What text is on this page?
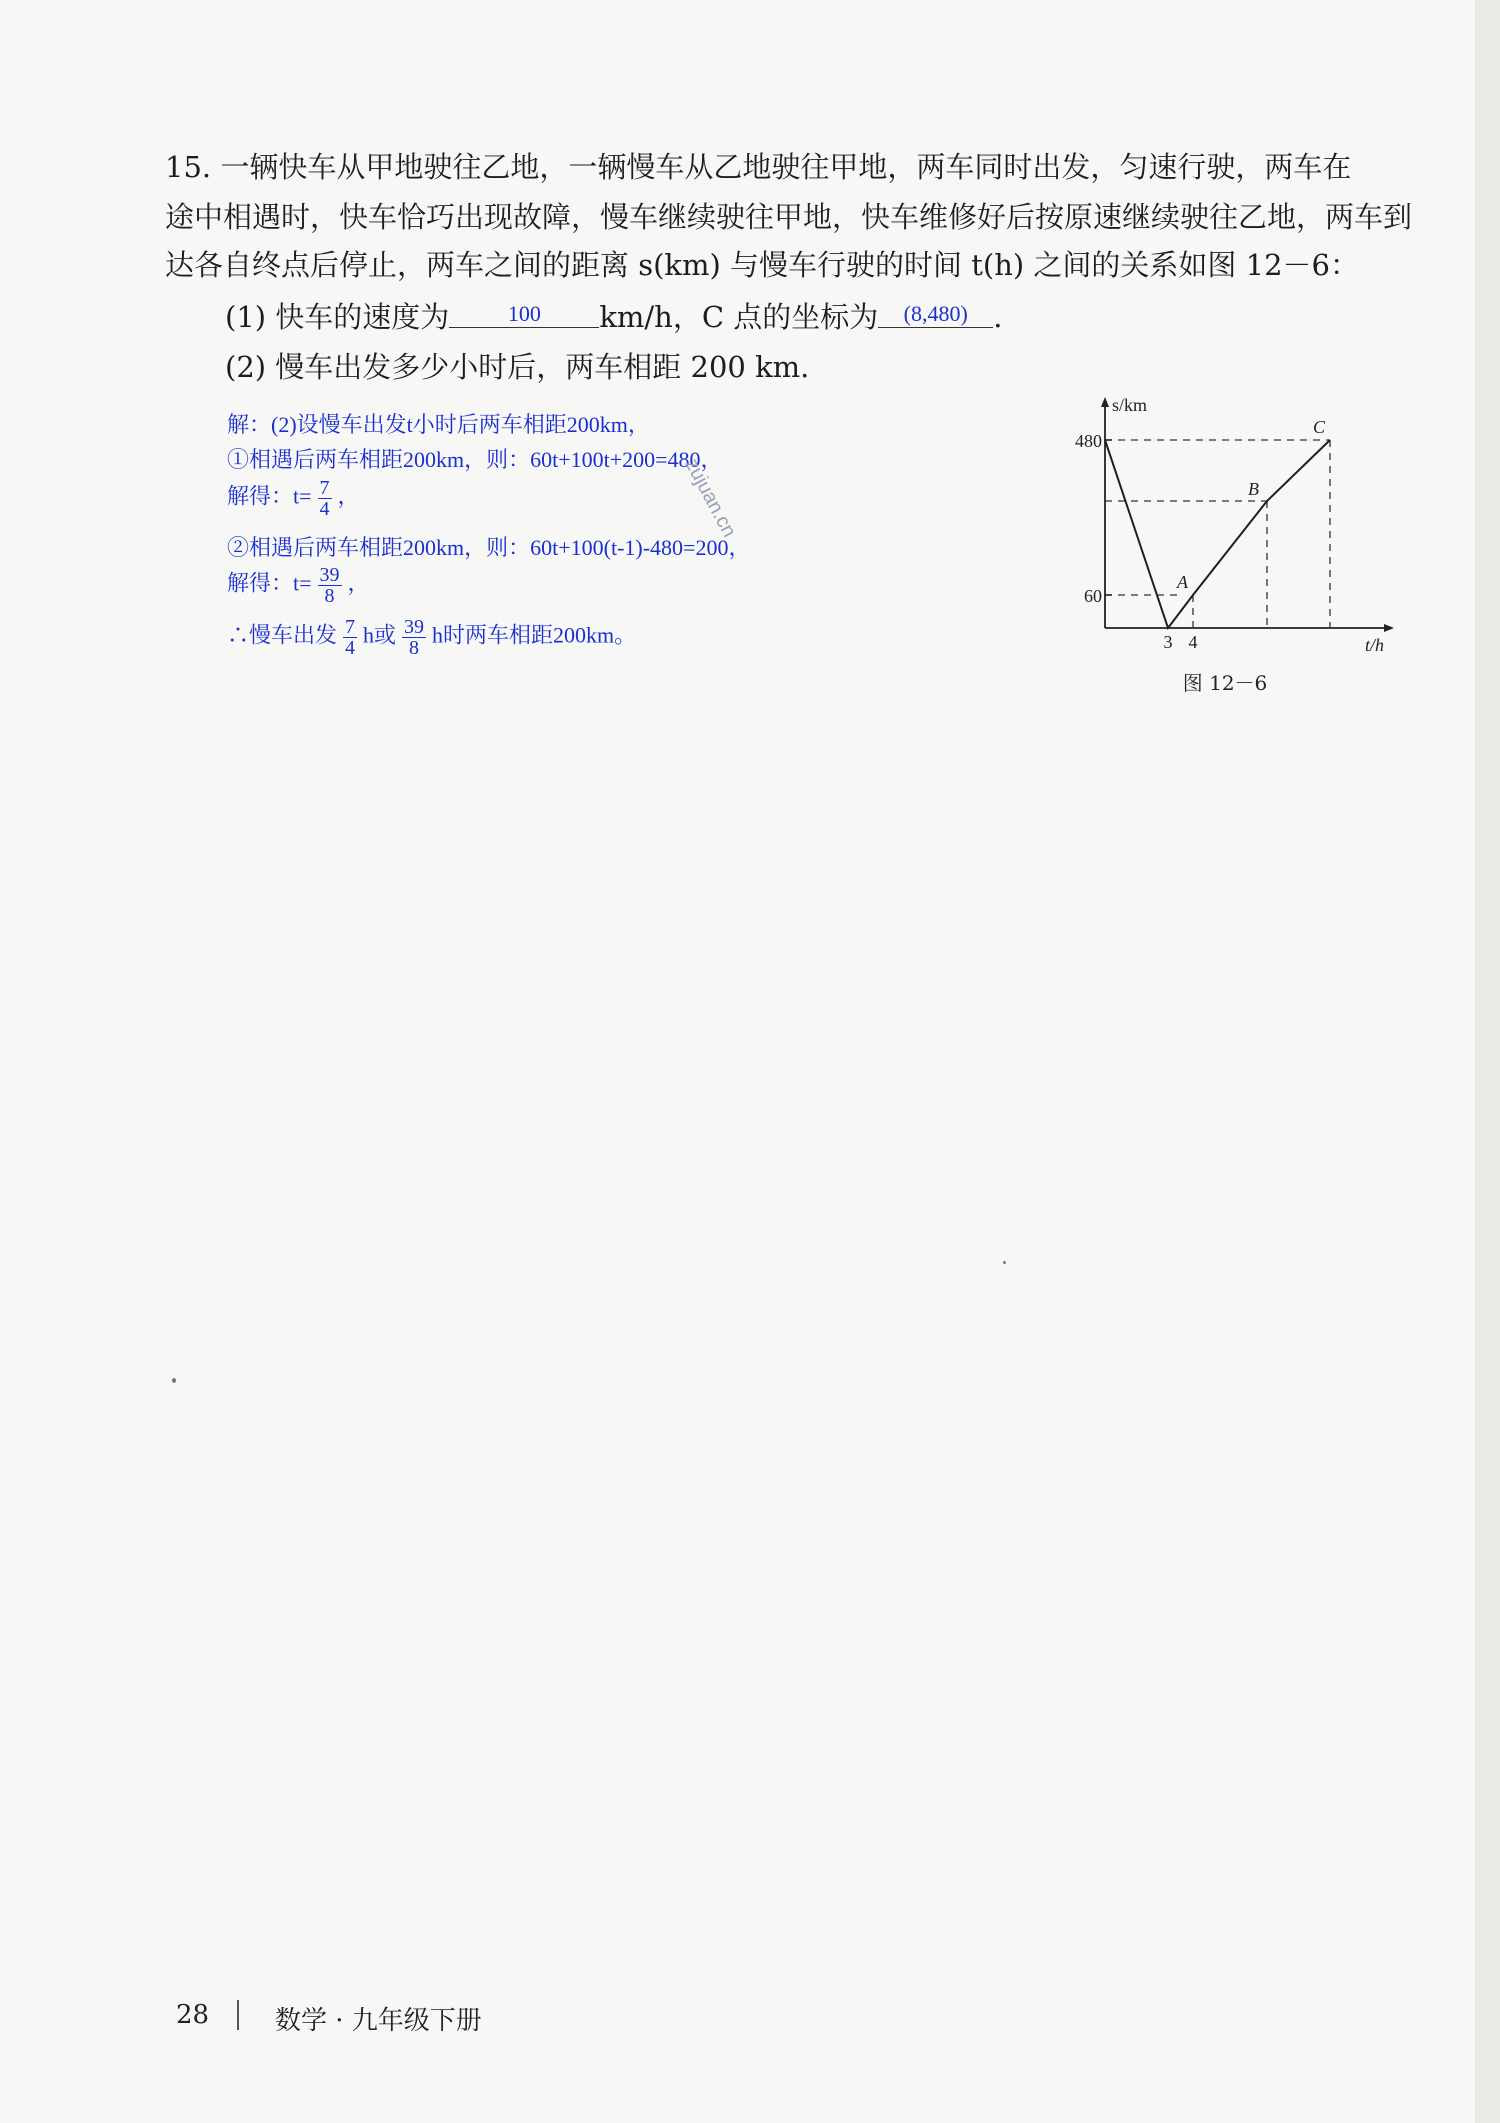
15. 一辆快车从甲地驶往乙地，一辆慢车从乙地驶往甲地，两车同时出发，匀速行驶，两车在
途中相遇时，快车恰巧出现故障，慢车继续驶往甲地，快车维修好后按原速继续驶往乙地，两车到
达各自终点后停止，两车之间的距离 s(km) 与慢车行驶的时间 t(h) 之间的关系如图 12－6：
(1) 快车的速度为	100 km/h，C 点的坐标为 (8,480) .
(2) 慢车出发多少小时后，两车相距 200 km.
解：(2)设慢车出发t小时后两车相距200km，
①相遇后两车相距200km，则：60t+100t+200=480，
解得：$t= \frac{7}{4}$ ，
②相遇后两车相距200km，则：60t+100(t-1)-480=200，
解得：$t= \frac{39}{8}$ ，
∴慢车出发 $\frac{7}{4}$ h或 $\frac{39}{8}$ h时两车相距200km。
zujuan.cn
s/km
480
60
3 4	t/h
A
B
C
图 12－6
28	数学 · 九年级下册
